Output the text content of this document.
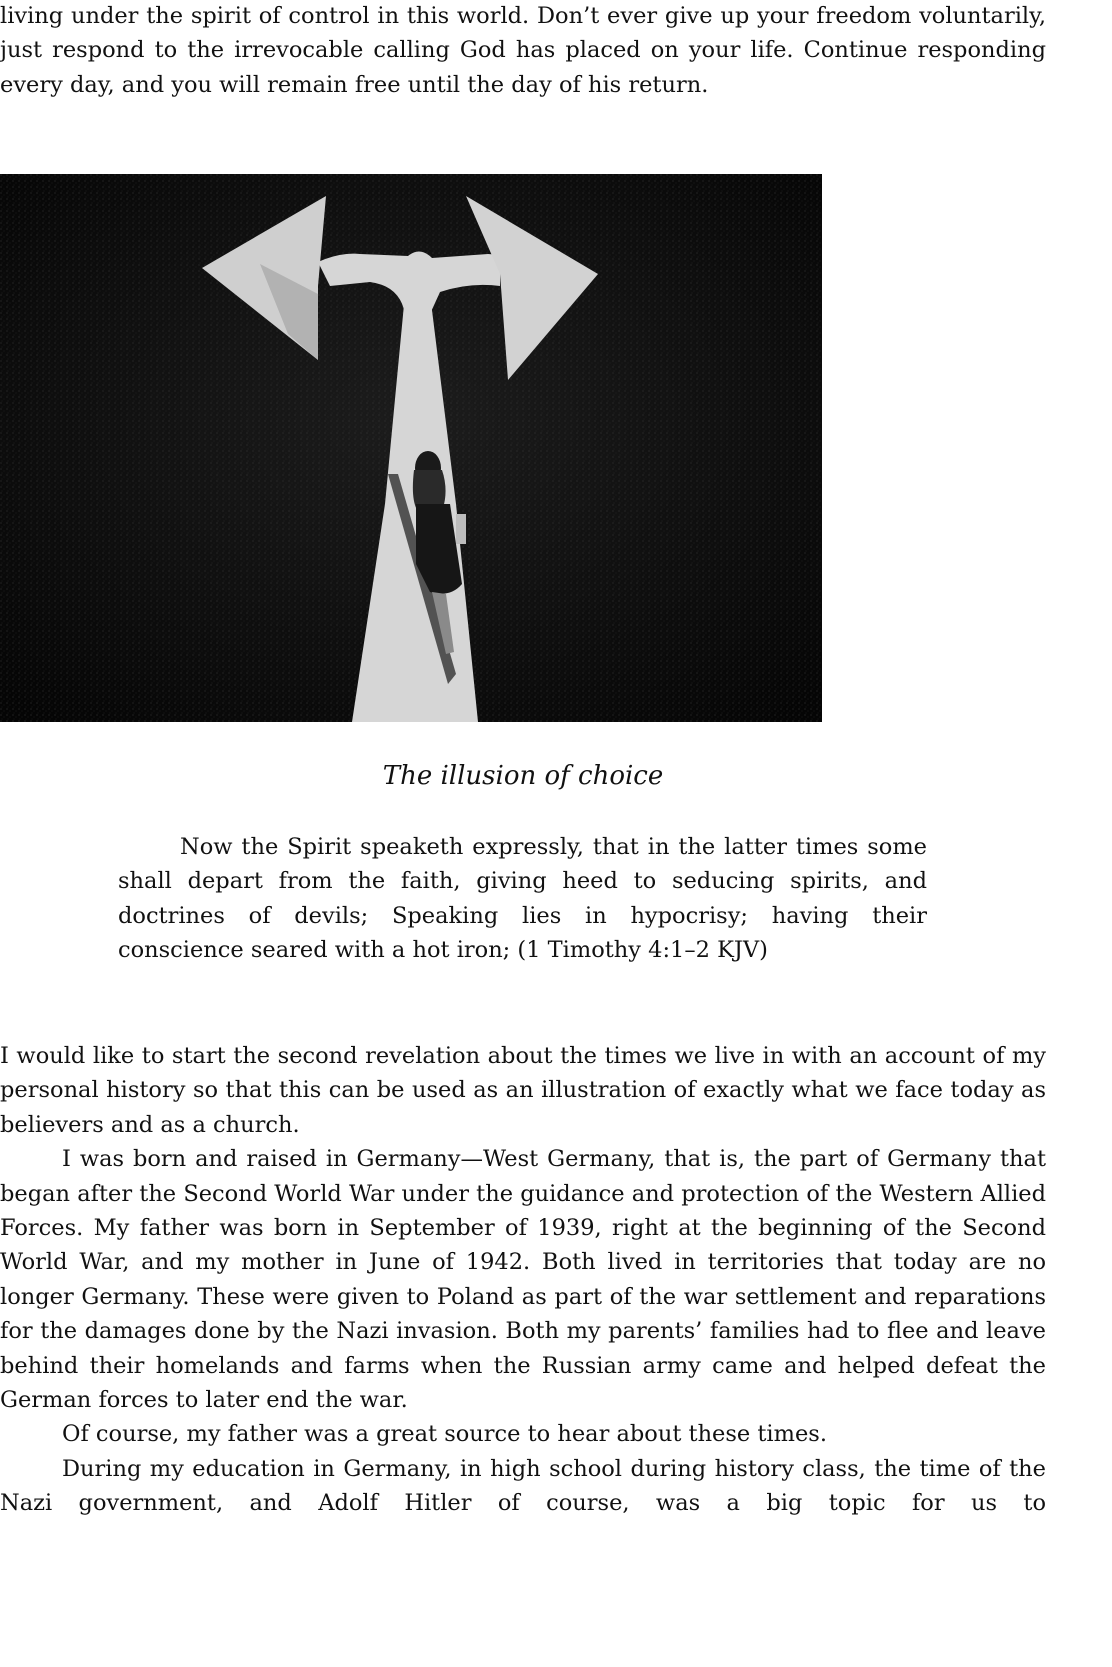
living under the spirit of control in this world. Don’t ever give up your freedom voluntarily, just respond to the irrevocable calling God has placed on your life. Continue responding every day, and you will remain free until the day of his return.

The illusion of choice

Now the Spirit speaketh expressly, that in the latter times some shall depart from the faith, giving heed to seducing spirits, and doctrines of devils; Speaking lies in hypocrisy; having their conscience seared with a hot iron; (1 Timothy 4:1–2 KJV)

I would like to start the second revelation about the times we live in with an account of my personal history so that this can be used as an illustration of exactly what we face today as believers and as a church.

I was born and raised in Germany—West Germany, that is, the part of Germany that began after the Second World War under the guidance and protection of the Western Allied Forces. My father was born in September of 1939, right at the beginning of the Second World War, and my mother in June of 1942. Both lived in territories that today are no longer Germany. These were given to Poland as part of the war settlement and reparations for the damages done by the Nazi invasion. Both my parents’ families had to flee and leave behind their homelands and farms when the Russian army came and helped defeat the German forces to later end the war.

Of course, my father was a great source to hear about these times.

During my education in Germany, in high school during history class, the time of the Nazi government, and Adolf Hitler of course, was a big topic for us to
